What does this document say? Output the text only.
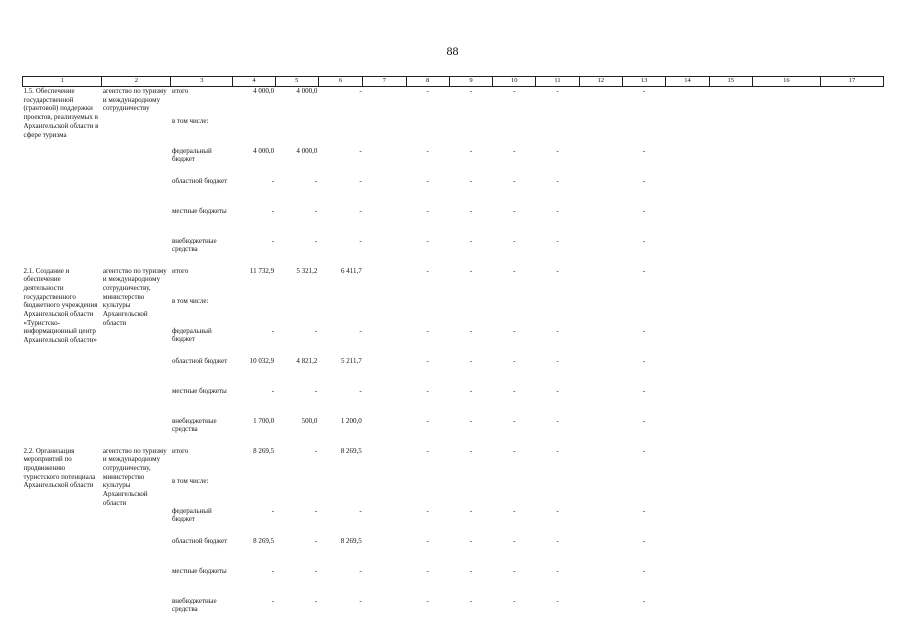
88
1	2	3	4	5	6	7	8	9	10	11	12	13	14	15	16	17
1.5. Обеспечение государственной (грантовой) поддержки проектов, реализуемых в Архангельской области в сфере туризма	агентство по туризму и международному сотрудничеству	итого	4 000,0	4 000,0	-		-	-	-	-		-				
		в том числе:														
		федеральный бюджет	4 000,0	4 000,0	-		-	-	-	-		-				
		областной бюджет	-	-	-		-	-	-	-		-				
		местные бюджеты	-	-	-		-	-	-	-		-				
		внебюджетные средства	-	-	-		-	-	-	-		-				
2.1. Создание и обеспечение деятельности государственного бюджетного учреждения Архангельской области «Туристско-информационный центр Архангельской области»	агентство по туризму и международному сотрудничеству, министерство культуры Архангельской области	итого	11 732,9	5 321,2	6 411,7		-	-	-	-		-				
		в том числе:														
		федеральный бюджет	-	-	-		-	-	-	-		-				
		областной бюджет	10 032,9	4 821,2	5 211,7		-	-	-	-		-				
		местные бюджеты	-	-	-		-	-	-	-		-				
		внебюджетные средства	1 700,0	500,0	1 200,0		-	-	-	-		-				
2.2. Организация мероприятий по продвижению туристского потенциала Архангельской области	агентство по туризму и международному сотрудничеству, министерство культуры Архангельской области	итого	8 269,5	-	8 269,5		-	-	-	-		-				
		в том числе:														
		федеральный бюджет	-	-	-		-	-	-	-		-				
		областной бюджет	8 269,5	-	8 269,5		-	-	-	-		-				
		местные бюджеты	-	-	-		-	-	-	-		-				
		внебюджетные средства	-	-	-		-	-	-	-		-				
